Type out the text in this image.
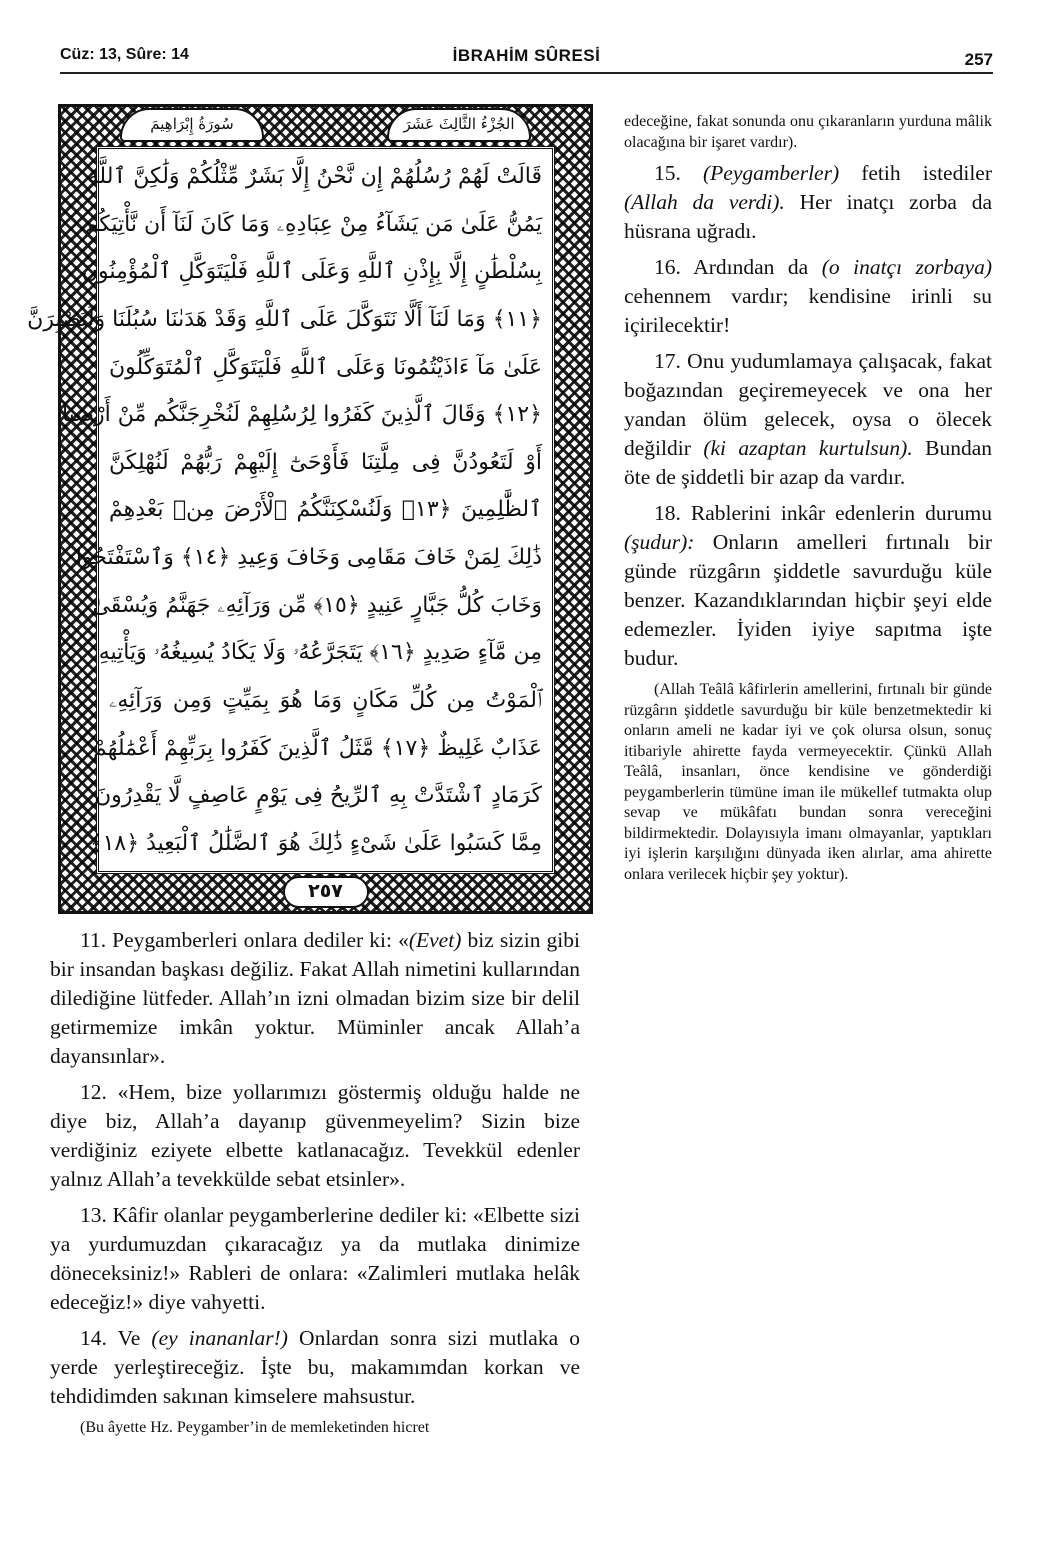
Cüz: 13, Sûre: 14	İBRAHİM SÛRESİ	257
سُورَةُ إِبْرَاهِيمَ	الجُزْءُ الثَّالِثَ عَشَرَ
قَالَتْ لَهُمْ رُسُلُهُمْ إِن نَّحْنُ إِلَّا بَشَرٌ مِّثْلُكُمْ وَلَٰكِنَّ ٱللَّهَ
يَمُنُّ عَلَىٰ مَن يَشَآءُ مِنْ عِبَادِهِۦ وَمَا كَانَ لَنَآ أَن نَّأْتِيَكُم
بِسُلْطَٰنٍ إِلَّا بِإِذْنِ ٱللَّهِ وَعَلَى ٱللَّهِ فَلْيَتَوَكَّلِ ٱلْمُؤْمِنُونَ
﴿١١﴾ وَمَا لَنَآ أَلَّا نَتَوَكَّلَ عَلَى ٱللَّهِ وَقَدْ هَدَىٰنَا سُبُلَنَا وَلَنَصْبِرَنَّ
عَلَىٰ مَآ ءَاذَيْتُمُونَا وَعَلَى ٱللَّهِ فَلْيَتَوَكَّلِ ٱلْمُتَوَكِّلُونَ
﴿١٢﴾ وَقَالَ ٱلَّذِينَ كَفَرُوا لِرُسُلِهِمْ لَنُخْرِجَنَّكُم مِّنْ أَرْضِنَآ
أَوْ لَتَعُودُنَّ فِى مِلَّتِنَا فَأَوْحَىٰٓ إِلَيْهِمْ رَبُّهُمْ لَنُهْلِكَنَّ
ٱلظَّٰلِمِينَ ﴿١٣﴾ وَلَنُسْكِنَنَّكُمُ ٱلْأَرْضَ مِنۢ بَعْدِهِمْ
ذَٰلِكَ لِمَنْ خَافَ مَقَامِى وَخَافَ وَعِيدِ ﴿١٤﴾ وَٱسْتَفْتَحُوا
وَخَابَ كُلُّ جَبَّارٍ عَنِيدٍ ﴿١٥﴾ مِّن وَرَآئِهِۦ جَهَنَّمُ وَيُسْقَىٰ
مِن مَّآءٍ صَدِيدٍ ﴿١٦﴾ يَتَجَرَّعُهُۥ وَلَا يَكَادُ يُسِيغُهُۥ وَيَأْتِيهِ
ٱلْمَوْتُ مِن كُلِّ مَكَانٍ وَمَا هُوَ بِمَيِّتٍ وَمِن وَرَآئِهِۦ
عَذَابٌ غَلِيظٌ ﴿١٧﴾ مَّثَلُ ٱلَّذِينَ كَفَرُوا بِرَبِّهِمْ أَعْمَٰلُهُمْ
كَرَمَادٍ ٱشْتَدَّتْ بِهِ ٱلرِّيحُ فِى يَوْمٍ عَاصِفٍ لَّا يَقْدِرُونَ
مِمَّا كَسَبُوا عَلَىٰ شَىْءٍ ذَٰلِكَ هُوَ ٱلضَّلَٰلُ ٱلْبَعِيدُ ﴿١٨﴾
٢٥٧

11. Peygamberleri onlara dediler ki: «(Evet) biz sizin gibi bir insandan başkası değiliz. Fakat Allah nimetini kullarından dilediğine lütfeder. Allah’ın izni olmadan bizim size bir delil getirmemize imkân yoktur. Müminler ancak Allah’a dayansınlar».

12. «Hem, bize yollarımızı göstermiş olduğu halde ne diye biz, Allah’a dayanıp güvenmeyelim? Sizin bize verdiğiniz eziyete elbette katlanacağız. Tevekkül edenler yalnız Allah’a tevekkülde sebat etsinler».

13. Kâfir olanlar peygamberlerine dediler ki: «Elbette sizi ya yurdumuzdan çıkaracağız ya da mutlaka dinimize döneceksiniz!» Rableri de onlara: «Zalimleri mutlaka helâk edeceğiz!» diye vahyetti.

14. Ve (ey inananlar!) Onlardan sonra sizi mutlaka o yerde yerleştireceğiz. İşte bu, makamımdan korkan ve tehdidimden sakınan kimselere mahsustur.

(Bu âyette Hz. Peygamber’in de memleketinden hicret

edeceğine, fakat sonunda onu çıkaranların yurduna mâlik olacağına bir işaret vardır).

15. (Peygamberler) fetih istediler (Allah da verdi). Her inatçı zorba da hüsrana uğradı.

16. Ardından da (o inatçı zorbaya) cehennem vardır; kendisine irinli su içirilecektir!

17. Onu yudumlamaya çalışacak, fakat boğazından geçiremeyecek ve ona her yandan ölüm gelecek, oysa o ölecek değildir (ki azaptan kurtulsun). Bundan öte de şiddetli bir azap da vardır.

18. Rablerini inkâr edenlerin durumu (şudur): Onların amelleri fırtınalı bir günde rüzgârın şiddetle savurduğu küle benzer. Kazandıklarından hiçbir şeyi elde edemezler. İyiden iyiye sapıtma işte budur.

(Allah Teâlâ kâfirlerin amellerini, fırtınalı bir günde rüzgârın şiddetle savurduğu bir küle benzetmektedir ki onların ameli ne kadar iyi ve çok olursa olsun, sonuç itibariyle ahirette fayda vermeyecektir. Çünkü Allah Teâlâ, insanları, önce kendisine ve gönderdiği peygamberlerin tümüne iman ile mükellef tutmakta olup sevap ve mükâfatı bundan sonra vereceğini bildirmektedir. Dolayısıyla imanı olmayanlar, yaptıkları iyi işlerin karşılığını dünyada iken alırlar, ama ahirette onlara verilecek hiçbir şey yoktur).
